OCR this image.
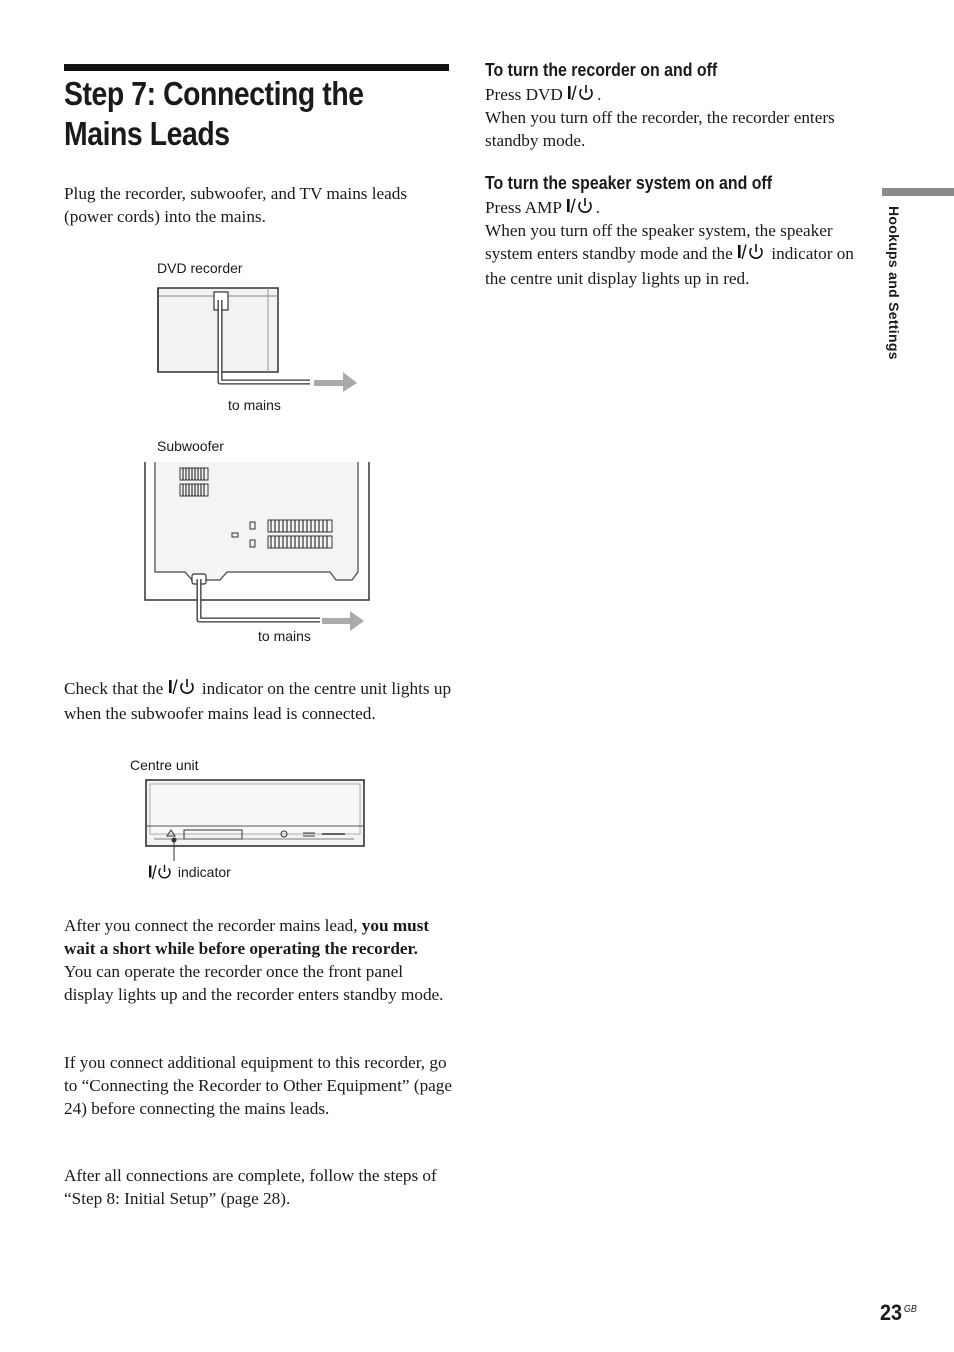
Step 7: Connecting the
Mains Leads
Plug the recorder, subwoofer, and TV mains leads (power cords) into the mains.
DVD recorder
to mains
Subwoofer
to mains
Check that the  indicator on the centre unit lights up when the subwoofer mains lead is connected.
Centre unit
indicator
After you connect the recorder mains lead, you must wait a short while before operating the recorder. You can operate the recorder once the front panel display lights up and the recorder enters standby mode.
If you connect additional equipment to this recorder, go to “Connecting the Recorder to Other Equipment” (page 24) before connecting the mains leads.
After all connections are complete, follow the steps of “Step 8: Initial Setup” (page 28).
To turn the recorder on and off
Press DVD .
When you turn off the recorder, the recorder enters standby mode.
To turn the speaker system on and off
Press AMP .
When you turn off the speaker system, the speaker system enters standby mode and the  indicator on the centre unit display lights up in red.	Hookups and Settings
23 $^{GB}$
